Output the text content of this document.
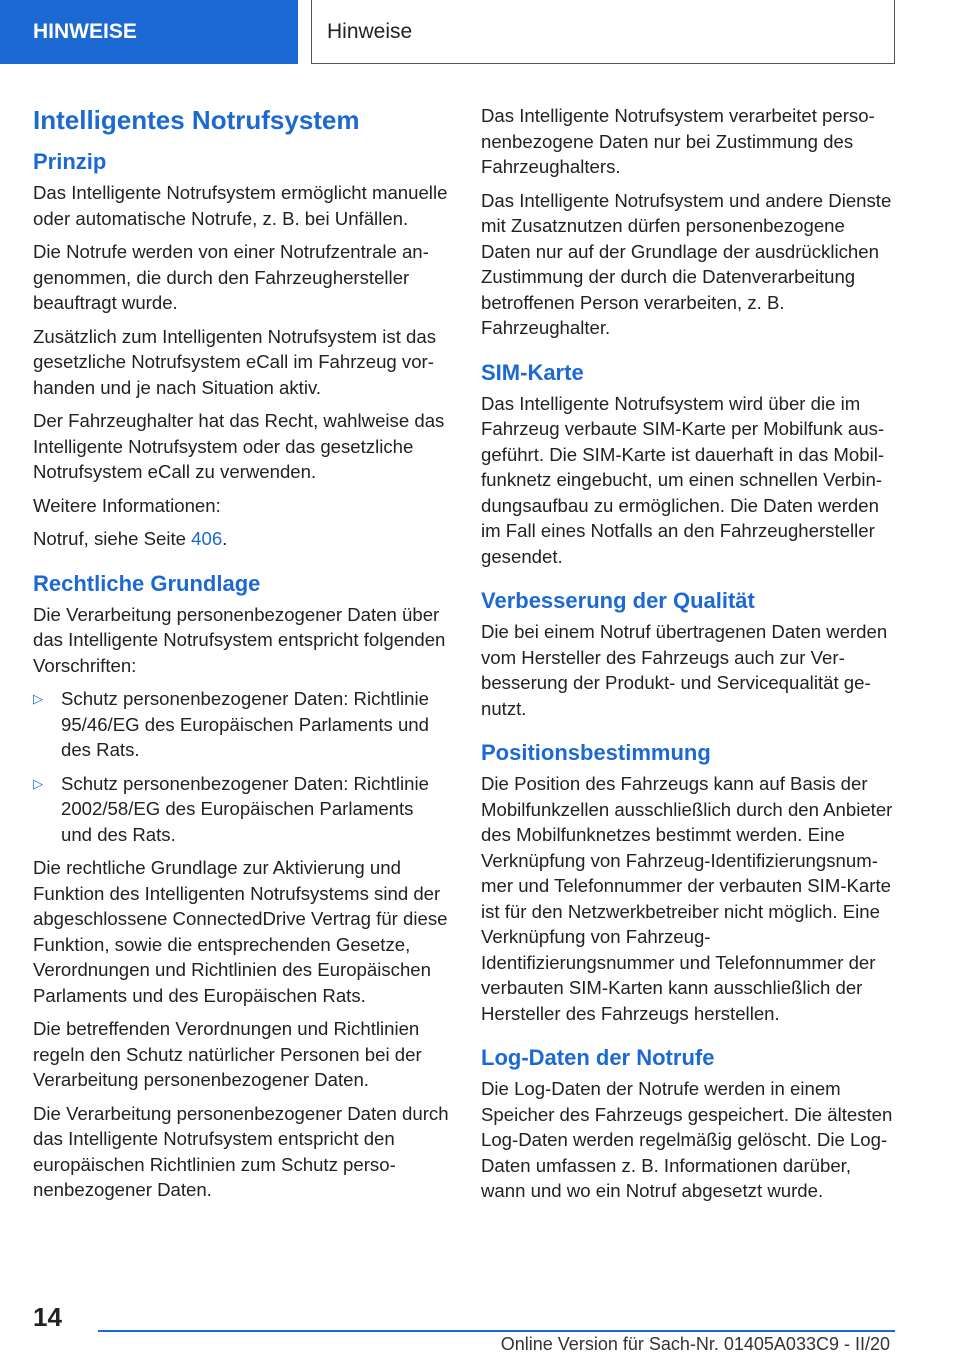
HINWEISE	Hinweise
Intelligentes Notrufsystem
Prinzip

Das Intelligente Notrufsystem ermöglicht manuelle oder automatische Notrufe, z. B. bei Unfällen.

Die Notrufe werden von einer Notrufzentrale angenommen, die durch den Fahrzeughersteller beauftragt wurde.

Zusätzlich zum Intelligenten Notrufsystem ist das gesetzliche Notrufsystem eCall im Fahrzeug vorhanden und je nach Situation aktiv.

Der Fahrzeughalter hat das Recht, wahlweise das Intelligente Notrufsystem oder das gesetzliche Notrufsystem eCall zu verwenden.

Weitere Informationen:

Notruf, siehe Seite 406.

Rechtliche Grundlage

Die Verarbeitung personenbezogener Daten über das Intelligente Notrufsystem entspricht folgenden Vorschriften:

▷ Schutz personenbezogener Daten: Richtlinie 95/46/EG des Europäischen Parlaments und des Rats.
▷ Schutz personenbezogener Daten: Richtlinie 2002/58/EG des Europäischen Parlaments und des Rats.

Die rechtliche Grundlage zur Aktivierung und Funktion des Intelligenten Notrufsystems sind der abgeschlossene ConnectedDrive Vertrag für diese Funktion, sowie die entsprechenden Gesetze, Verordnungen und Richtlinien des Europäischen Parlaments und des Europäischen Rats.

Die betreffenden Verordnungen und Richtlinien regeln den Schutz natürlicher Personen bei der Verarbeitung personenbezogener Daten.

Die Verarbeitung personenbezogener Daten durch das Intelligente Notrufsystem entspricht den europäischen Richtlinien zum Schutz personenbezogener Daten.

Das Intelligente Notrufsystem verarbeitet personenbezogene Daten nur bei Zustimmung des Fahrzeughalters.

Das Intelligente Notrufsystem und andere Dienste mit Zusatznutzen dürfen personenbezogene Daten nur auf der Grundlage der ausdrücklichen Zustimmung der durch die Datenverarbeitung betroffenen Person verarbeiten, z. B. Fahrzeughalter.

SIM-Karte

Das Intelligente Notrufsystem wird über die im Fahrzeug verbaute SIM-Karte per Mobilfunk ausgeführt. Die SIM-Karte ist dauerhaft in das Mobilfunknetz eingebucht, um einen schnellen Verbindungsaufbau zu ermöglichen. Die Daten werden im Fall eines Notfalls an den Fahrzeughersteller gesendet.

Verbesserung der Qualität

Die bei einem Notruf übertragenen Daten werden vom Hersteller des Fahrzeugs auch zur Verbesserung der Produkt- und Servicequalität genutzt.

Positionsbestimmung

Die Position des Fahrzeugs kann auf Basis der Mobilfunkzellen ausschließlich durch den Anbieter des Mobilfunknetzes bestimmt werden. Eine Verknüpfung von Fahrzeug-Identifizierungsnummer und Telefonnummer der verbauten SIM-Karte ist für den Netzwerkbetreiber nicht möglich. Eine Verknüpfung von Fahrzeug-Identifizierungsnummer und Telefonnummer der verbauten SIM-Karten kann ausschließlich der Hersteller des Fahrzeugs herstellen.

Log-Daten der Notrufe

Die Log-Daten der Notrufe werden in einem Speicher des Fahrzeugs gespeichert. Die ältesten Log-Daten werden regelmäßig gelöscht. Die Log-Daten umfassen z. B. Informationen darüber, wann und wo ein Notruf abgesetzt wurde.

14
Online Version für Sach-Nr. 01405A033C9 - II/20
